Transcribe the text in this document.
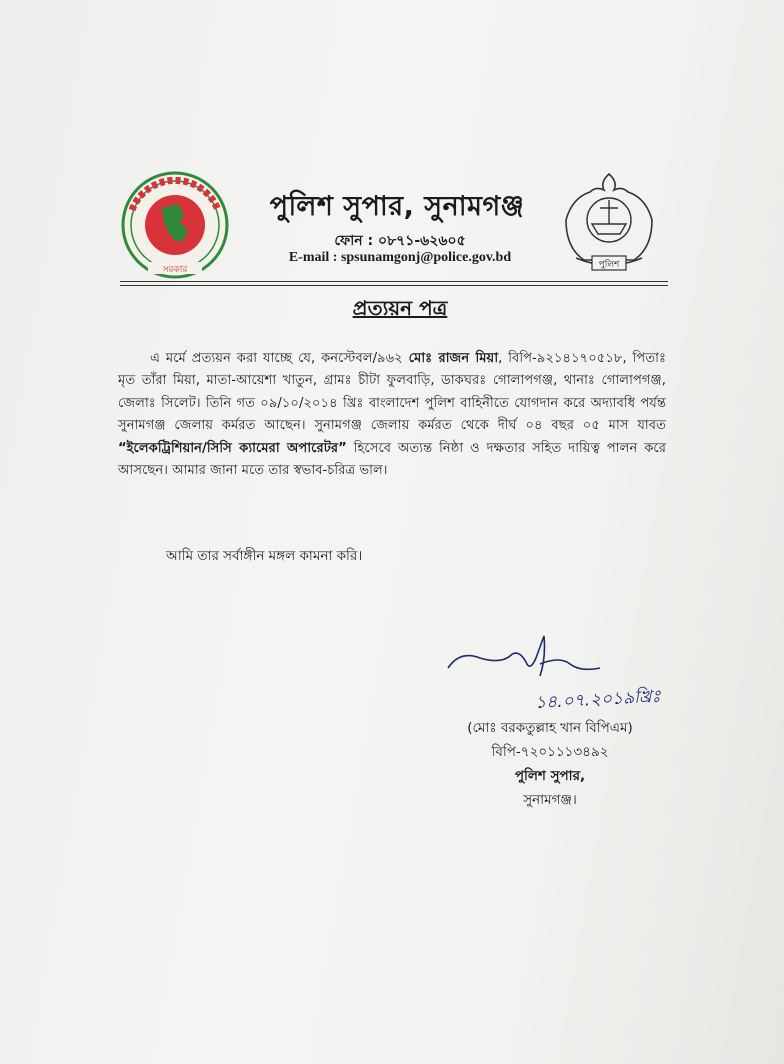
সরকার	পুলিশ
পুলিশ সুপার, সুনামগঞ্জ
ফোন : ০৮৭১-৬২৬০৫
E-mail : spsunamgonj@police.gov.bd
প্রত্যয়ন পত্র
এ মর্মে প্রত্যয়ন করা যাচ্ছে যে, কনস্টেবল/৯৬২ মোঃ রাজন মিয়া, বিপি-৯২১৪১৭০৫১৮, পিতাঃ মৃত তাঁরা মিয়া, মাতা-আয়েশা খাতুন, গ্রামঃ চীটা ফুলবাড়ি, ডাকঘরঃ গোলাপগঞ্জ, থানাঃ গোলাপগঞ্জ, জেলাঃ সিলেট। তিনি গত ০৯/১০/২০১৪ খ্রিঃ বাংলাদেশ পুলিশ বাহিনীতে যোগদান করে অদ্যাবধি পর্যন্ত সুনামগঞ্জ জেলায় কর্মরত আছেন। সুনামগঞ্জ জেলায় কর্মরত থেকে দীর্ঘ ০৪ বছর ০৫ মাস যাবত “ইলেকট্রিশিয়ান/সিসি ক্যামেরা অপারেটর” হিসেবে অত্যন্ত নিষ্ঠা ও দক্ষতার সহিত দায়িত্ব পালন করে আসছেন। আমার জানা মতে তার স্বভাব-চরিত্র ভাল।
আমি তার সর্বাঙ্গীন মঙ্গল কামনা করি।
১৪.০৭.২০১৯খ্রিঃ
(মোঃ বরকতুল্লাহ খান বিপিএম)
বিপি-৭২০১১১৩৪৯২
পুলিশ সুপার,
সুনামগঞ্জ।
